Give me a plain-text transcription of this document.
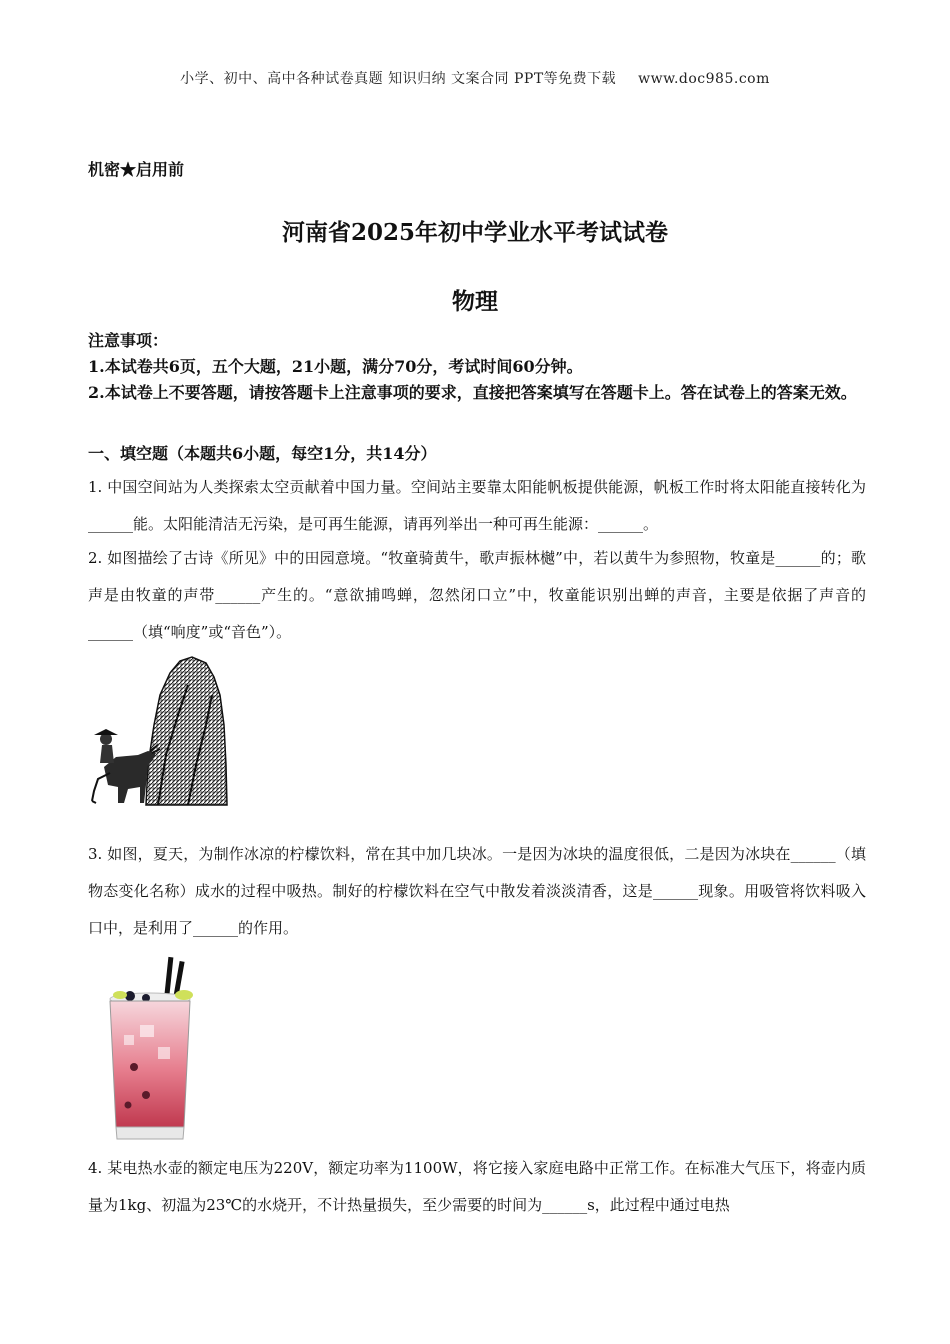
小学、初中、高中各种试卷真题 知识归纳 文案合同 PPT等免费下载 www.doc985.com
机密★启用前
河南省2025年初中学业水平考试试卷
物理

注意事项：

1.本试卷共6页，五个大题，21小题，满分70分，考试时间60分钟。

2.本试卷上不要答题，请按答题卡上注意事项的要求，直接把答案填写在答题卡上。答在试卷上的答案无效。

一、填空题（本题共6小题，每空1分，共14分）

1. 中国空间站为人类探索太空贡献着中国力量。空间站主要靠太阳能帆板提供能源，帆板工作时将太阳能直接转化为______能。太阳能清洁无污染，是可再生能源，请再列举出一种可再生能源：______。

2. 如图描绘了古诗《所见》中的田园意境。“牧童骑黄牛，歌声振林樾”中，若以黄牛为参照物，牧童是______的；歌声是由牧童的声带______产生的。“意欲捕鸣蝉，忽然闭口立”中，牧童能识别出蝉的声音，主要是依据了声音的______（填“响度”或“音色”）。

3. 如图，夏天，为制作冰凉的柠檬饮料，常在其中加几块冰。一是因为冰块的温度很低，二是因为冰块在______（填物态变化名称）成水的过程中吸热。制好的柠檬饮料在空气中散发着淡淡清香，这是______现象。用吸管将饮料吸入口中，是利用了______的作用。

4. 某电热水壶的额定电压为220V，额定功率为1100W，将它接入家庭电路中正常工作。在标准大气压下，将壶内质量为1kg、初温为23℃的水烧开，不计热量损失，至少需要的时间为______s，此过程中通过电热
